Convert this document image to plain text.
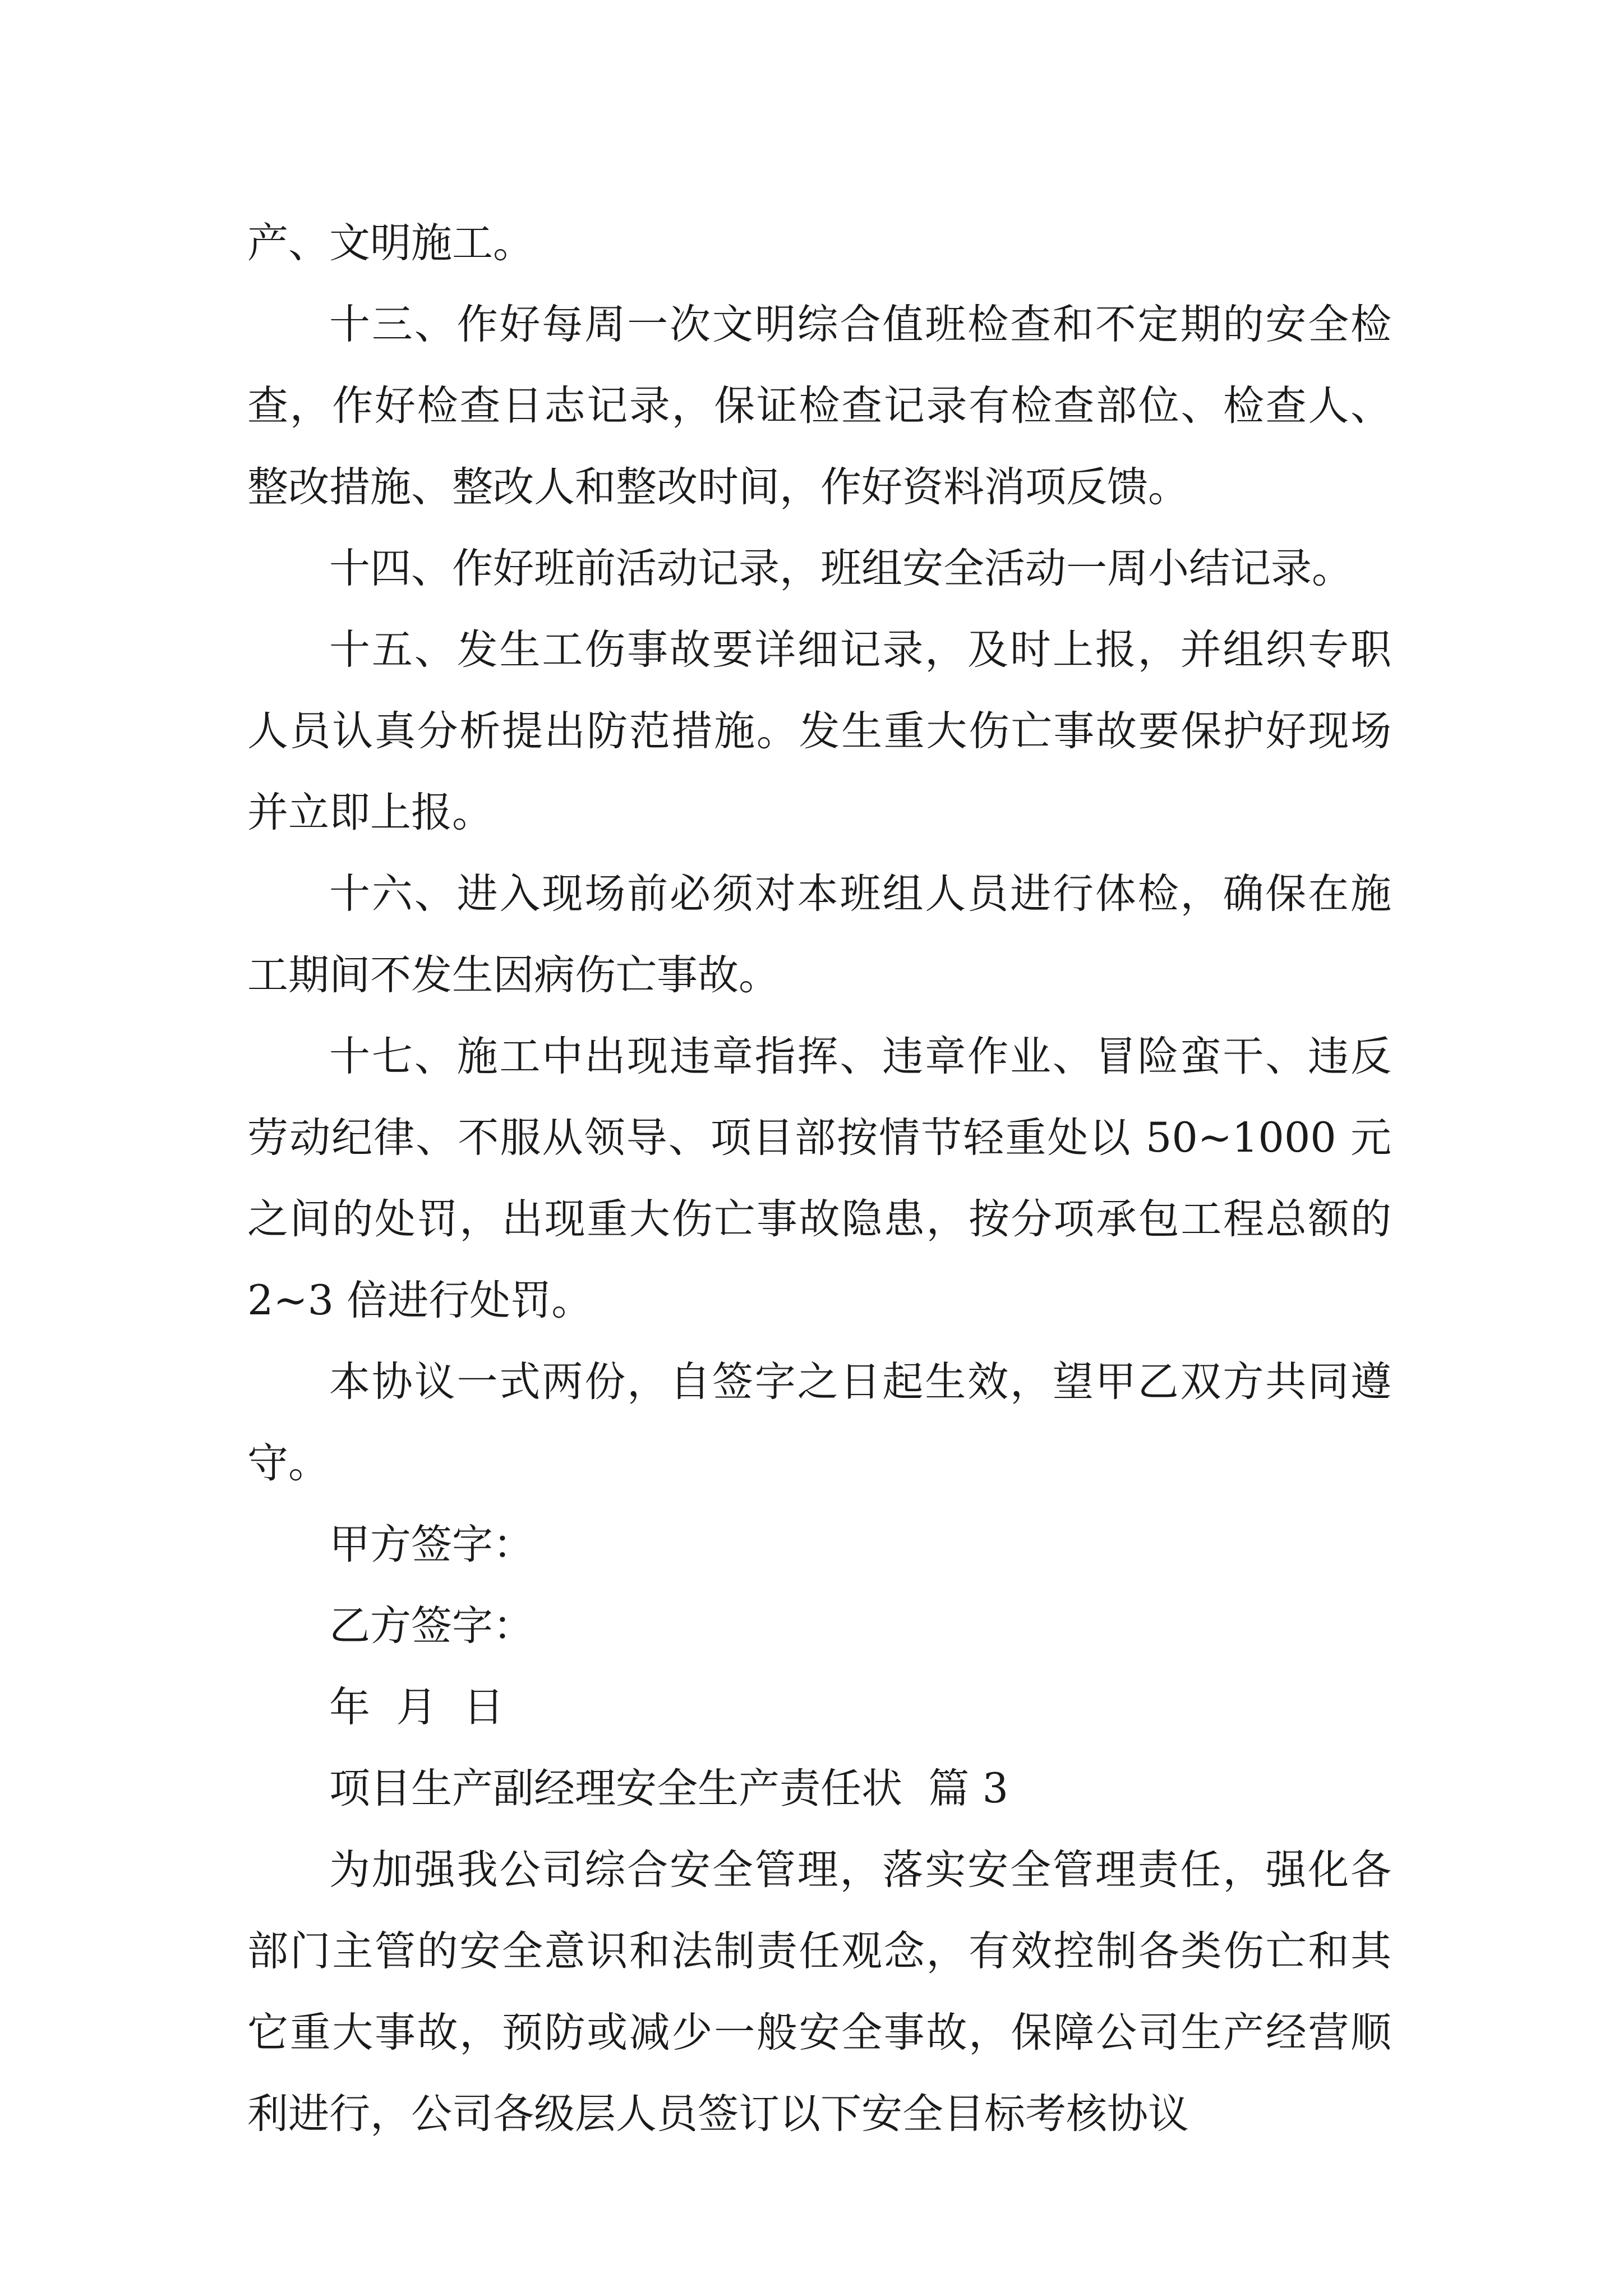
产、文明施工。

十三、作好每周一次文明综合值班检查和不定期的安全检查，作好检查日志记录，保证检查记录有检查部位、检查人、整改措施、整改人和整改时间，作好资料消项反馈。

十四、作好班前活动记录，班组安全活动一周小结记录。

十五、发生工伤事故要详细记录，及时上报，并组织专职人员认真分析提出防范措施。发生重大伤亡事故要保护好现场并立即上报。

十六、进入现场前必须对本班组人员进行体检，确保在施工期间不发生因病伤亡事故。

十七、施工中出现违章指挥、违章作业、冒险蛮干、违反劳动纪律、不服从领导、项目部按情节轻重处以 50~1000 元之间的处罚，出现重大伤亡事故隐患，按分项承包工程总额的 2~3 倍进行处罚。

本协议一式两份，自签字之日起生效，望甲乙双方共同遵守。

甲方签字：

乙方签字：

年  月  日

项目生产副经理安全生产责任状  篇 3

为加强我公司综合安全管理，落实安全管理责任，强化各部门主管的安全意识和法制责任观念，有效控制各类伤亡和其它重大事故，预防或减少一般安全事故，保障公司生产经营顺利进行，公司各级层人员签订以下安全目标考核协议
